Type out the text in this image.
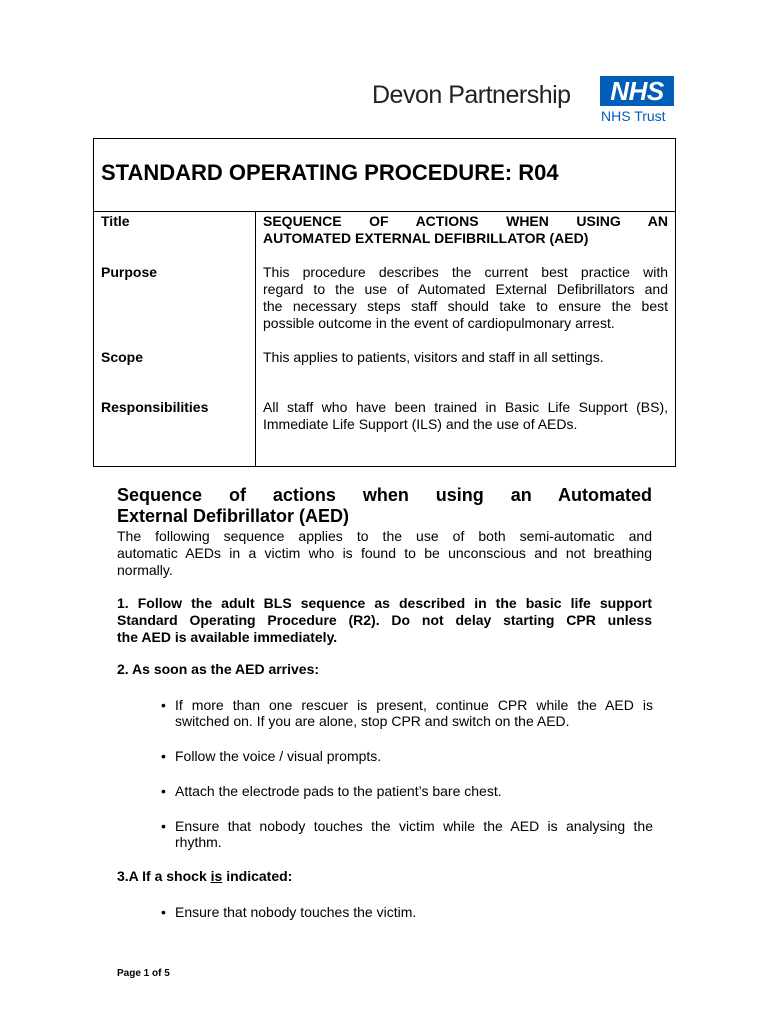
Devon Partnership	NHS
NHS Trust
STANDARD OPERATING PROCEDURE: R04
Title	SEQUENCE OF ACTIONS WHEN USING AN
AUTOMATED EXTERNAL DEFIBRILLATOR (AED)
Purpose	This procedure describes the current best practice with
regard to the use of Automated External Defibrillators and
the necessary steps staff should take to ensure the best
possible outcome in the event of cardiopulmonary arrest.
Scope	This applies to patients, visitors and staff in all settings.
Responsibilities	All staff who have been trained in Basic Life Support (BS),
Immediate Life Support (ILS) and the use of AEDs.
Sequence of actions when using an Automated
External Defibrillator (AED)
The following sequence applies to the use of both semi-automatic and
automatic AEDs in a victim who is found to be unconscious and not breathing
normally.
1. Follow the adult BLS sequence as described in the basic life support
Standard Operating Procedure (R2). Do not delay starting CPR unless
the AED is available immediately.
2. As soon as the AED arrives:
• If more than one rescuer is present, continue CPR while the AED is
switched on. If you are alone, stop CPR and switch on the AED.
• Follow the voice / visual prompts.
• Attach the electrode pads to the patient’s bare chest.
• Ensure that nobody touches the victim while the AED is analysing the
rhythm.
3.A If a shock is indicated:
• Ensure that nobody touches the victim.
Page 1 of 5
